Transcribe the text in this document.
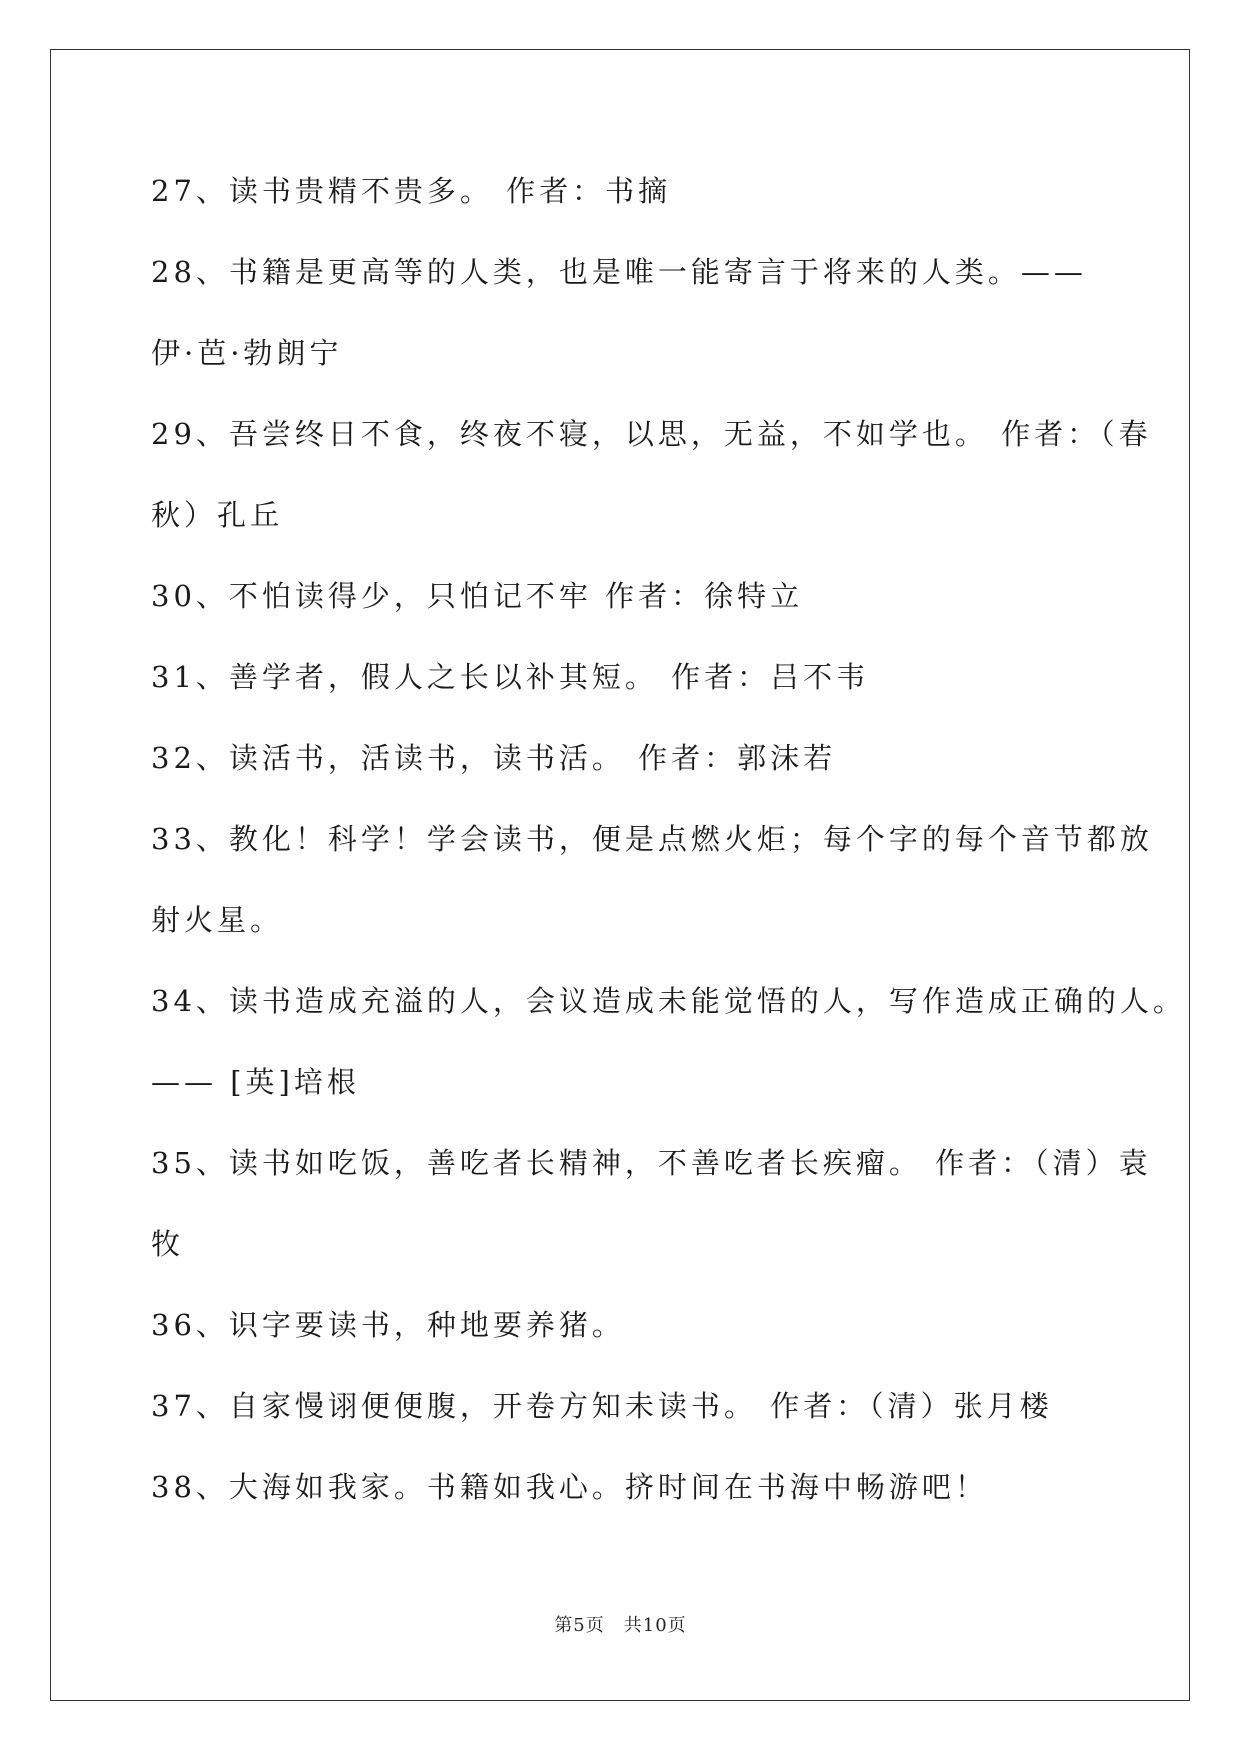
27、读书贵精不贵多。 作者：书摘
28、书籍是更高等的人类，也是唯一能寄言于将来的人类。——
伊·芭·勃朗宁
29、吾尝终日不食，终夜不寝，以思，无益，不如学也。 作者：（春
秋）孔丘
30、不怕读得少，只怕记不牢 作者：徐特立
31、善学者，假人之长以补其短。 作者：吕不韦
32、读活书，活读书，读书活。 作者：郭沫若
33、教化！科学！学会读书，便是点燃火炬；每个字的每个音节都放
射火星。
34、读书造成充溢的人，会议造成未能觉悟的人，写作造成正确的人。
—— [英]培根
35、读书如吃饭，善吃者长精神，不善吃者长疾瘤。 作者：（清）袁
牧
36、识字要读书，种地要养猪。
37、自家慢诩便便腹，开卷方知未读书。 作者：（清）张月楼
38、大海如我家。书籍如我心。挤时间在书海中畅游吧！
第5页　共10页
